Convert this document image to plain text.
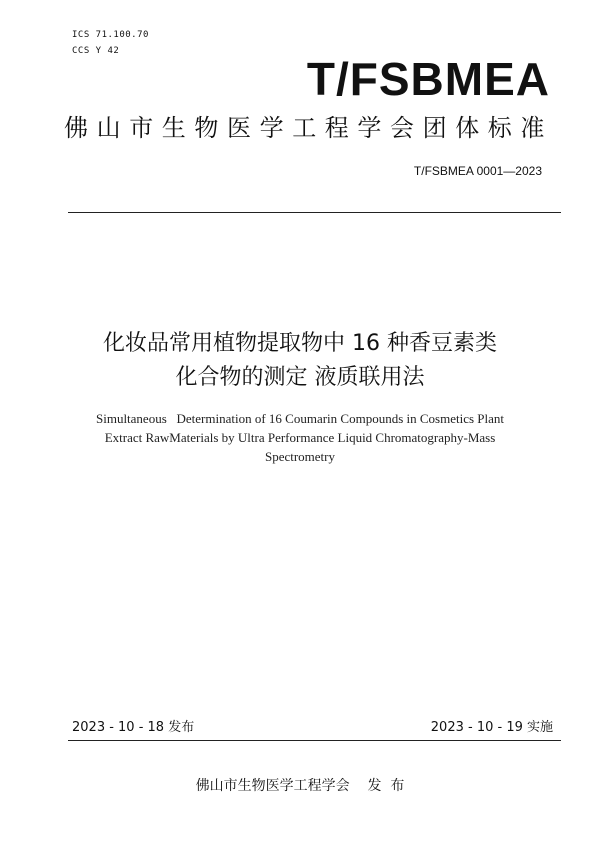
ICS 71.100.70
CCS Y 42
T/FSBMEA
佛山市生物医学工程学会团体标准
T/FSBMEA 0001—2023
化妆品常用植物提取物中 16 种香豆素类
化合物的测定 液质联用法
Simultaneous   Determination of 16 Coumarin Compounds in Cosmetics Plant
Extract RawMaterials by Ultra Performance Liquid Chromatography-Mass
Spectrometry
2023 - 10 - 18 发布	2023 - 10 - 19 实施
佛山市生物医学工程学会    发  布
